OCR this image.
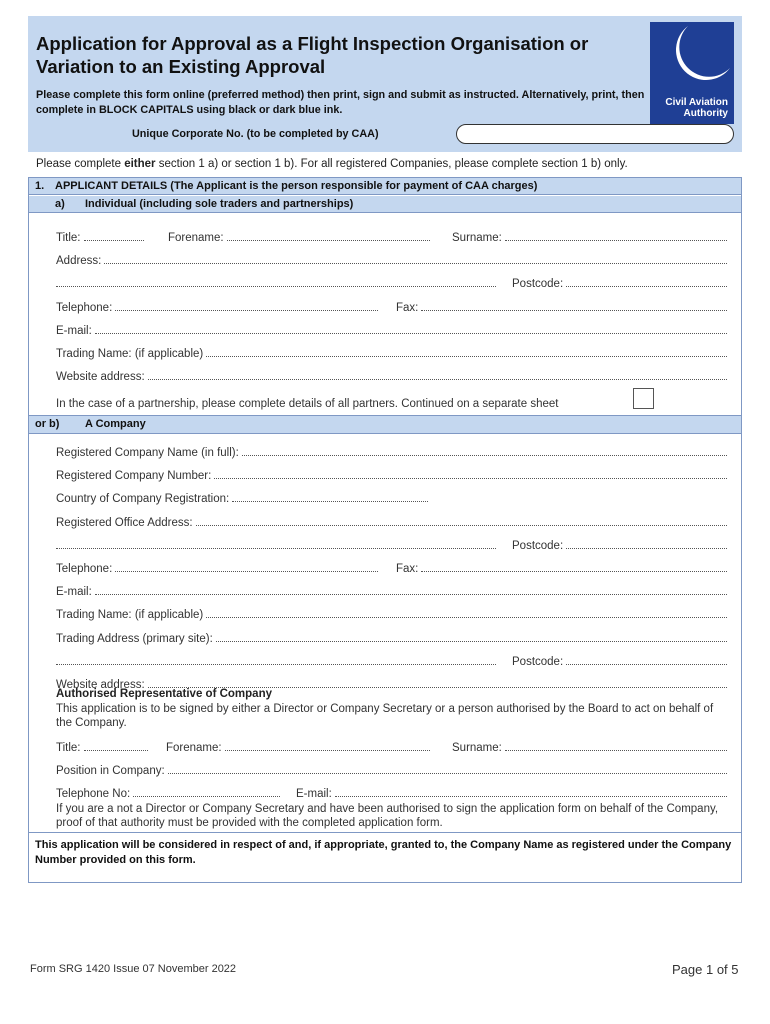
Application for Approval as a Flight Inspection Organisation or Variation to an Existing Approval
Please complete this form online (preferred method) then print, sign and submit as instructed. Alternatively, print, then complete in BLOCK CAPITALS using black or dark blue ink.
Civil Aviation Authority
Unique Corporate No. (to be completed by CAA)
Please complete either section 1 a) or section 1 b). For all registered Companies, please complete section 1 b) only.
1. APPLICANT DETAILS (The Applicant is the person responsible for payment of CAA charges)
a) Individual (including sole traders and partnerships)
Title:	Forename:	Surname:
Address:
Postcode:
Telephone:	Fax:
E-mail:
Trading Name: (if applicable)
Website address:
In the case of a partnership, please complete details of all partners. Continued on a separate sheet
or b) A Company
Registered Company Name (in full):
Registered Company Number:
Country of Company Registration:
Registered Office Address:
Postcode:
Telephone:	Fax:
E-mail:
Trading Name: (if applicable)
Trading Address (primary site):
Postcode:
Website address:
Authorised Representative of Company
This application is to be signed by either a Director or Company Secretary or a person authorised by the Board to act on behalf of the Company.
Title:	Forename:	Surname:
Position in Company:
Telephone No:	E-mail:
If you are a not a Director or Company Secretary and have been authorised to sign the application form on behalf of the Company, proof of that authority must be provided with the completed application form.
This application will be considered in respect of and, if appropriate, granted to, the Company Name as registered under the Company Number provided on this form.
Form SRG 1420 Issue 07 November 2022	Page 1 of 5
